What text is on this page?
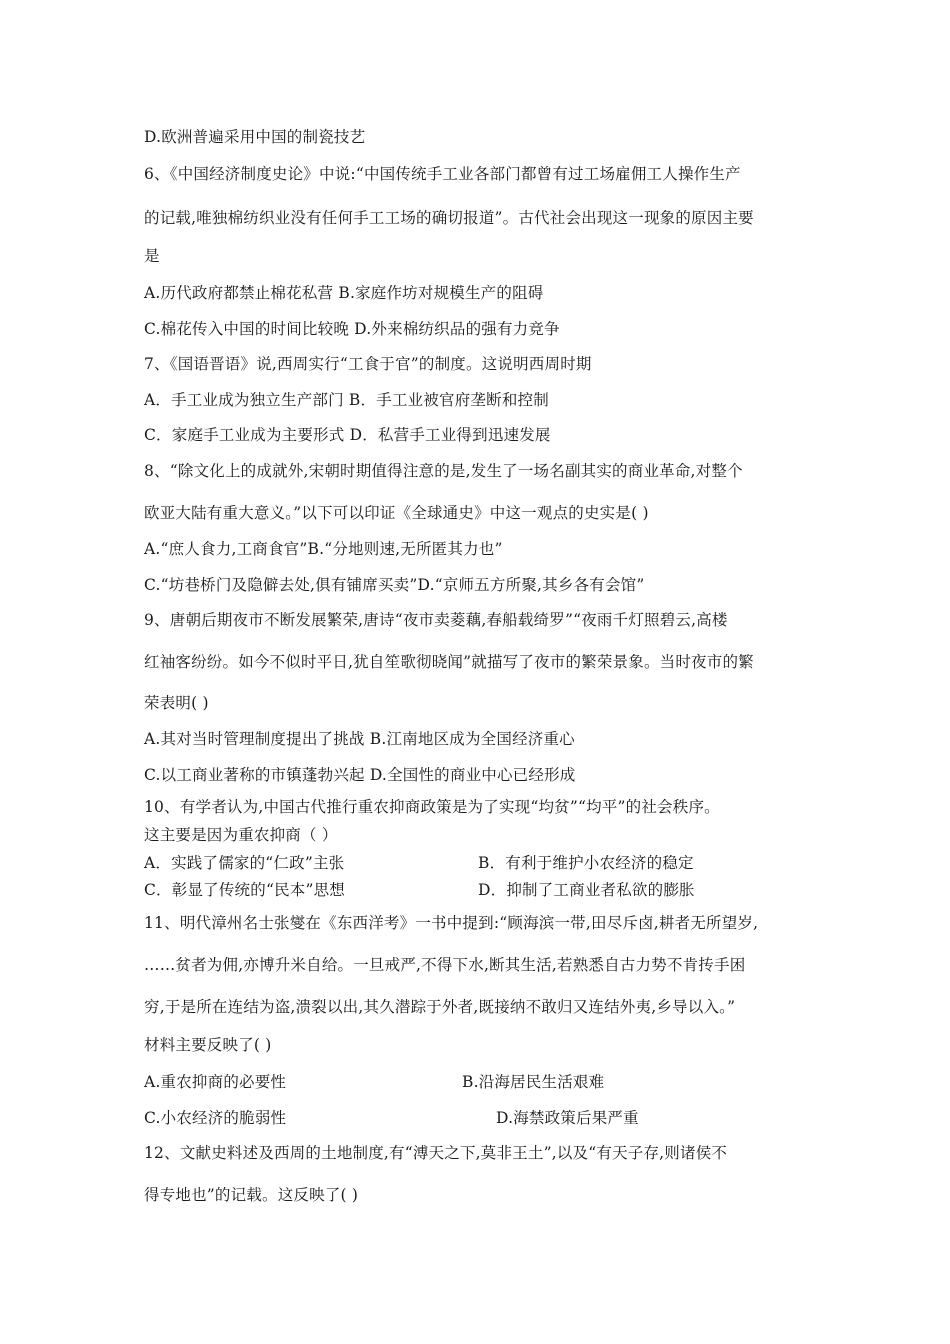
D.欧洲普遍采用中国的制瓷技艺
6、《中国经济制度史论》中说:“中国传统手工业各部门都曾有过工场雇佣工人操作生产
的记载,唯独棉纺织业没有任何手工工场的确切报道”。古代社会出现这一现象的原因主要
是
A.历代政府都禁止棉花私营 B.家庭作坊对规模生产的阻碍
C.棉花传入中国的时间比较晚 D.外来棉纺织品的强有力竞争
7、《国语晋语》说,西周实行“工食于官”的制度。这说明西周时期
A．手工业成为独立生产部门 B．手工业被官府垄断和控制
C．家庭手工业成为主要形式 D．私营手工业得到迅速发展
8、“除文化上的成就外,宋朝时期值得注意的是,发生了一场名副其实的商业革命,对整个
欧亚大陆有重大意义。”以下可以印证《全球通史》中这一观点的史实是( )
A.“庶人食力,工商食官”B.“分地则速,无所匿其力也”
C.“坊巷桥门及隐僻去处,俱有铺席买卖”D.“京师五方所聚,其乡各有会馆”
9、唐朝后期夜市不断发展繁荣,唐诗“夜市卖菱藕,春船载绮罗”“夜雨千灯照碧云,高楼
红袖客纷纷。如今不似时平日,犹自笙歌彻晓闻”就描写了夜市的繁荣景象。当时夜市的繁
荣表明( )
A.其对当时管理制度提出了挑战 B.江南地区成为全国经济重心
C.以工商业著称的市镇蓬勃兴起 D.全国性的商业中心已经形成
10、有学者认为,中国古代推行重农抑商政策是为了实现“均贫”“均平”的社会秩序。
这主要是因为重农抑商（ ）
A．实践了儒家的“仁政”主张	B．有利于维护小农经济的稳定
C．彰显了传统的“民本”思想	D．抑制了工商业者私欲的膨胀
11、明代漳州名士张燮在《东西洋考》一书中提到:“顾海滨一带,田尽斥卤,耕者无所望岁,
……贫者为佣,亦博升米自给。一旦戒严,不得下水,断其生活,若熟悉自古力势不肯抟手困
穷,于是所在连结为盗,溃裂以出,其久潜踪于外者,既接纳不敢归又连结外夷,乡导以入。”
材料主要反映了( )
A.重农抑商的必要性	B.沿海居民生活艰难
C.小农经济的脆弱性	D.海禁政策后果严重
12、文献史料述及西周的土地制度,有“溥天之下,莫非王土”,以及“有天子存,则诸侯不
得专地也”的记载。这反映了( )
